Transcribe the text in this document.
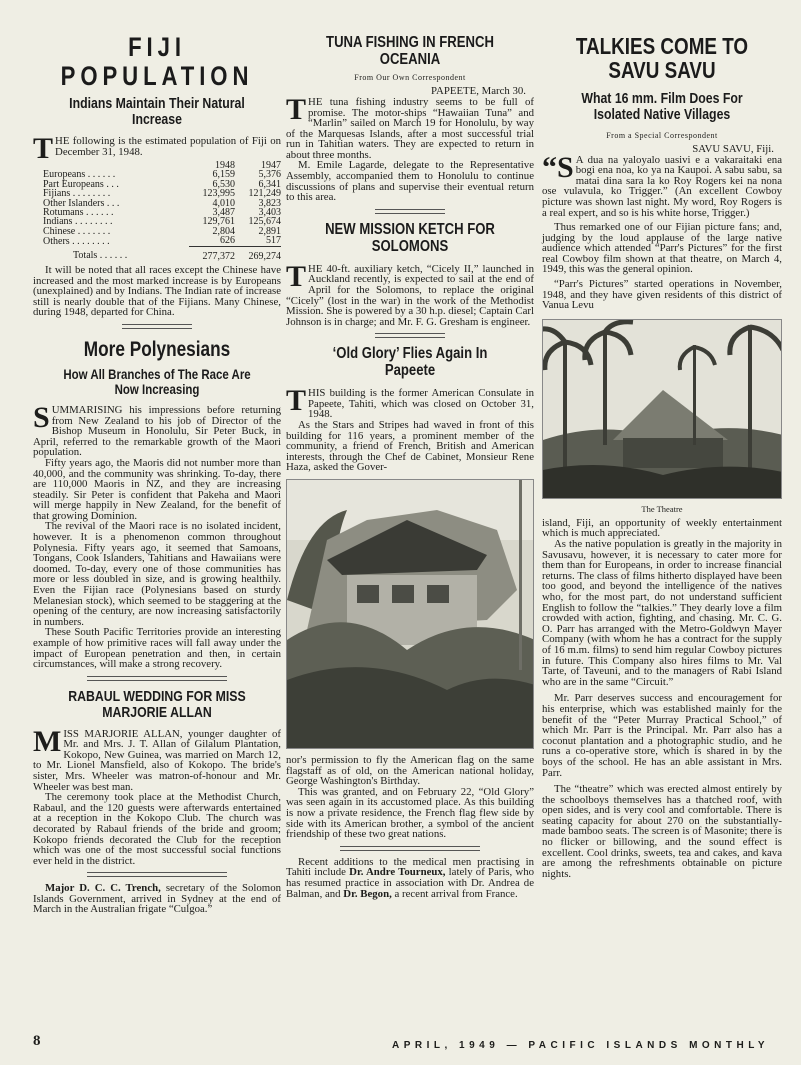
FIJI POPULATION
Indians Maintain Their Natural Increase
T HE following is the estimated population of Fiji on December 31, 1948.

	1948	1947
Europeans . . . . . .	6,159	5,376
Part Europeans . . .	6,530	6,341
Fijians . . . . . . . .	123,995	121,249
Other Islanders . . .	4,010	3,823
Rotumans . . . . . .	3,487	3,403
Indians . . . . . . . .	129,761	125,674
Chinese . . . . . . .	2,804	2,891
Others . . . . . . . .	626	517
Totals . . . . . .	277,372	269,274

It will be noted that all races except the Chinese have increased and the most marked increase is by Europeans (unexplained) and by Indians. The Indian rate of increase still is nearly double that of the Fijians. Many Chinese, during 1948, departed for China.

More Polynesians
How All Branches of The Race Are Now Increasing
S UMMARISING his impressions before returning from New Zealand to his job of Director of the Bishop Museum in Honolulu, Sir Peter Buck, in April, referred to the remarkable growth of the Maori population.

Fifty years ago, the Maoris did not number more than 40,000, and the community was shrinking. To-day, there are 110,000 Maoris in NZ, and they are increasing steadily. Sir Peter is confident that Pakeha and Maori will merge happily in New Zealand, for the benefit of that growing Dominion.

The revival of the Maori race is no isolated incident, however. It is a phenomenon common throughout Polynesia. Fifty years ago, it seemed that Samoans, Tongans, Cook Islanders, Tahitians and Hawaiians were doomed. To-day, every one of those communities has more or less doubled in size, and is growing healthily. Even the Fijian race (Polynesians based on sturdy Melanesian stock), which seemed to be staggering at the opening of the century, are now increasing satisfactorily in numbers.

These South Pacific Territories provide an interesting example of how primitive races will fall away under the impact of European penetration and then, in certain circumstances, will make a strong recovery.

RABAUL WEDDING FOR MISS MARJORIE ALLAN
M ISS MARJORIE ALLAN, younger daughter of Mr. and Mrs. J. T. Allan of Gilalum Plantation, Kokopo, New Guinea, was married on March 12, to Mr. Lionel Mansfield, also of Kokopo. The bride's sister, Mrs. Wheeler was matron-of-honour and Mr. Wheeler was best man.

The ceremony took place at the Methodist Church, Rabaul, and the 120 guests were afterwards entertained at a reception in the Kokopo Club. The church was decorated by Rabaul friends of the bride and groom; Kokopo friends decorated the Club for the reception which was one of the most successful social functions ever held in the district.

Major D. C. C. Trench, secretary of the Solomon Islands Government, arrived in Sydney at the end of March in the Australian frigate “Culgoa.”

TUNA FISHING IN FRENCH OCEANIA
From Our Own Correspondent
PAPEETE, March 30.
T HE tuna fishing industry seems to be full of promise. The motor-ships “Hawaiian Tuna” and “Marlin” sailed on March 19 for Honolulu, by way of the Marquesas Islands, after a most successful trial run in Tahitian waters. They are expected to return in about three months.

M. Emile Lagarde, delegate to the Representative Assembly, accompanied them to Honolulu to continue discussions of plans and supervise their eventual return to this area.

NEW MISSION KETCH FOR SOLOMONS
T HE 40-ft. auxiliary ketch, “Cicely II,” launched in Auckland recently, is expected to sail at the end of April for the Solomons, to replace the original “Cicely” (lost in the war) in the work of the Methodist Mission. She is powered by a 30 h.p. diesel; Captain Carl Johnson is in charge; and Mr. F. G. Gresham is engineer.

‘Old Glory’ Flies Again In Papeete
T HIS building is the former American Consulate in Papeete, Tahiti, which was closed on October 31, 1948.

As the Stars and Stripes had waved in front of this building for 116 years, a prominent member of the community, a friend of French, British and American interests, through the Chef de Cabinet, Monsieur Rene Haza, asked the Gover-

nor's permission to fly the American flag on the same flagstaff as of old, on the American national holiday, George Washington's Birthday.

This was granted, and on February 22, “Old Glory” was seen again in its accustomed place. As this building is now a private residence, the French flag flew side by side with its American brother, a symbol of the ancient friendship of these two great nations.

Recent additions to the medical men practising in Tahiti include Dr. Andre Tourneux, lately of Paris, who has resumed practice in association with Dr. Andrea de Balman, and Dr. Begon, a recent arrival from France.

TALKIES COME TO SAVU SAVU
What 16 mm. Film Does For Isolated Native Villages
From a Special Correspondent
SAVU SAVU, Fiji.
“S A dua na yaloyalo uasivi e a vakaraitaki ena bogi ena noa, ko ya na Kaupoi. A sabu sabu, sa matai dina sara la ko Roy Rogers kei na nona ose vulavula, ko Trigger.” (An excellent Cowboy picture was shown last night. My word, Roy Rogers is a real expert, and so is his white horse, Trigger.)

Thus remarked one of our Fijian picture fans; and, judging by the loud applause of the large native audience which attended “Parr's Pictures” for the first real Cowboy film shown at that theatre, on March 4, 1949, this was the general opinion.

“Parr's Pictures” started operations in November, 1948, and they have given residents of this district of Vanua Levu

The Theatre

island, Fiji, an opportunity of weekly entertainment which is much appreciated.

As the native population is greatly in the majority in Savusavu, however, it is necessary to cater more for them than for Europeans, in order to increase financial returns. The class of films hitherto displayed have been too good, and beyond the intelligence of the natives who, for the most part, do not understand sufficient English to follow the “talkies.” They dearly love a film crowded with action, fighting, and chasing. Mr. C. G. O. Parr has arranged with the Metro-Goldwyn Mayer Company (with whom he has a contract for the supply of 16 m.m. films) to send him regular Cowboy pictures in future. This Company also hires films to Mr. Val Tarte, of Taveuni, and to the managers of Rabi Island who are in the same “Circuit.”

Mr. Parr deserves success and encouragement for his enterprise, which was established mainly for the benefit of the “Peter Murray Practical School,” of which Mr. Parr is the Principal. Mr. Parr also has a coconut plantation and a photographic studio, and he runs a co-operative store, which is shared in by the boys of the school. He has an able assistant in Mrs. Parr.

The “theatre” which was erected almost entirely by the schoolboys themselves has a thatched roof, with open sides, and is very cool and comfortable. There is seating capacity for about 270 on the substantially-made bamboo seats. The screen is of Masonite; there is no flicker or billowing, and the sound effect is excellent. Cool drinks, sweets, tea and cakes, and kava are among the refreshments obtainable on picture nights.

8	APRIL, 1949 — PACIFIC ISLANDS MONTHLY
